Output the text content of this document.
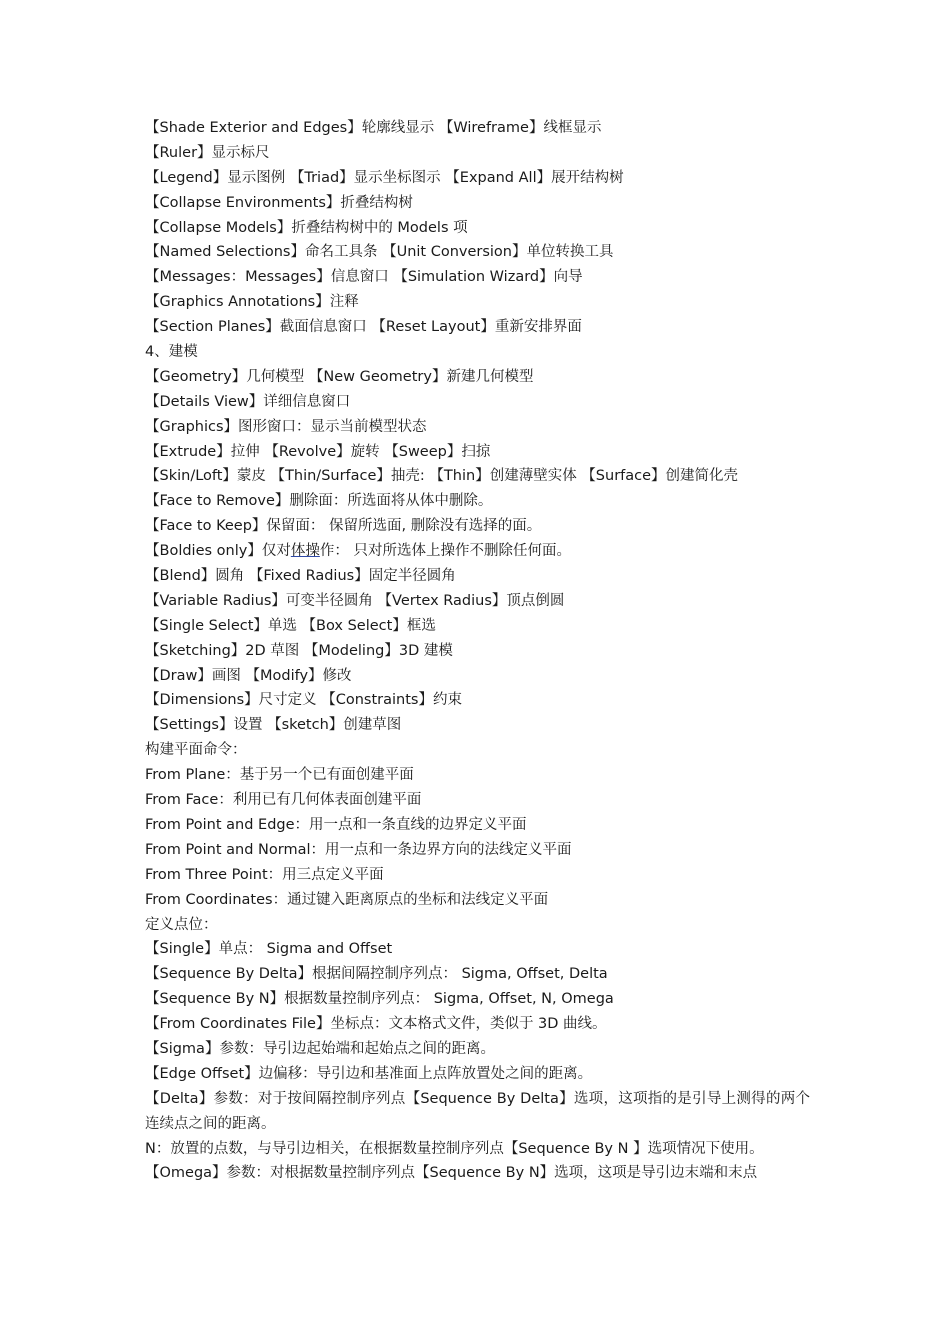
【Shade Exterior and Edges】轮廓线显示 【Wireframe】线框显示
【Ruler】显示标尺
【Legend】显示图例 【Triad】显示坐标图示 【Expand All】展开结构树
【Collapse Environments】折叠结构树
【Collapse Models】折叠结构树中的 Models 项
【Named Selections】命名工具条 【Unit Conversion】单位转换工具
【Messages：Messages】信息窗口 【Simulation Wizard】向导
【Graphics Annotations】注释
【Section Planes】截面信息窗口 【Reset Layout】重新安排界面
4、建模
【Geometry】几何模型 【New Geometry】新建几何模型
【Details View】详细信息窗口
【Graphics】图形窗口：显示当前模型状态
【Extrude】拉伸 【Revolve】旋转 【Sweep】扫掠
【Skin/Loft】蒙皮 【Thin/Surface】抽壳: 【Thin】创建薄壁实体 【Surface】创建简化壳
【Face to Remove】删除面：所选面将从体中删除。
【Face to Keep】保留面： 保留所选面, 删除没有选择的面。
【Boldies only】仅对体操作： 只对所选体上操作不删除任何面。
【Blend】圆角 【Fixed Radius】固定半径圆角
【Variable Radius】可变半径圆角 【Vertex Radius】顶点倒圆
【Single Select】单选 【Box Select】框选
【Sketching】2D 草图 【Modeling】3D 建模
【Draw】画图 【Modify】修改
【Dimensions】尺寸定义 【Constraints】约束
【Settings】设置 【sketch】创建草图
构建平面命令：
From Plane：基于另一个已有面创建平面
From Face：利用已有几何体表面创建平面
From Point and Edge：用一点和一条直线的边界定义平面
From Point and Normal：用一点和一条边界方向的法线定义平面
From Three Point：用三点定义平面
From Coordinates：通过键入距离原点的坐标和法线定义平面
定义点位：
【Single】单点： Sigma and Offset
【Sequence By Delta】根据间隔控制序列点： Sigma, Offset, Delta
【Sequence By N】根据数量控制序列点： Sigma, Offset, N, Omega
【From Coordinates File】坐标点：文本格式文件，类似于 3D 曲线。
【Sigma】参数：导引边起始端和起始点之间的距离。
【Edge Offset】边偏移：导引边和基准面上点阵放置处之间的距离。
【Delta】参数：对于按间隔控制序列点【Sequence By Delta】选项，这项指的是引导上测得的两个连续点之间的距离。
N：放置的点数，与导引边相关，在根据数量控制序列点【Sequence By N 】选项情况下使用。
【Omega】参数：对根据数量控制序列点【Sequence By N】选项，这项是导引边末端和末点
